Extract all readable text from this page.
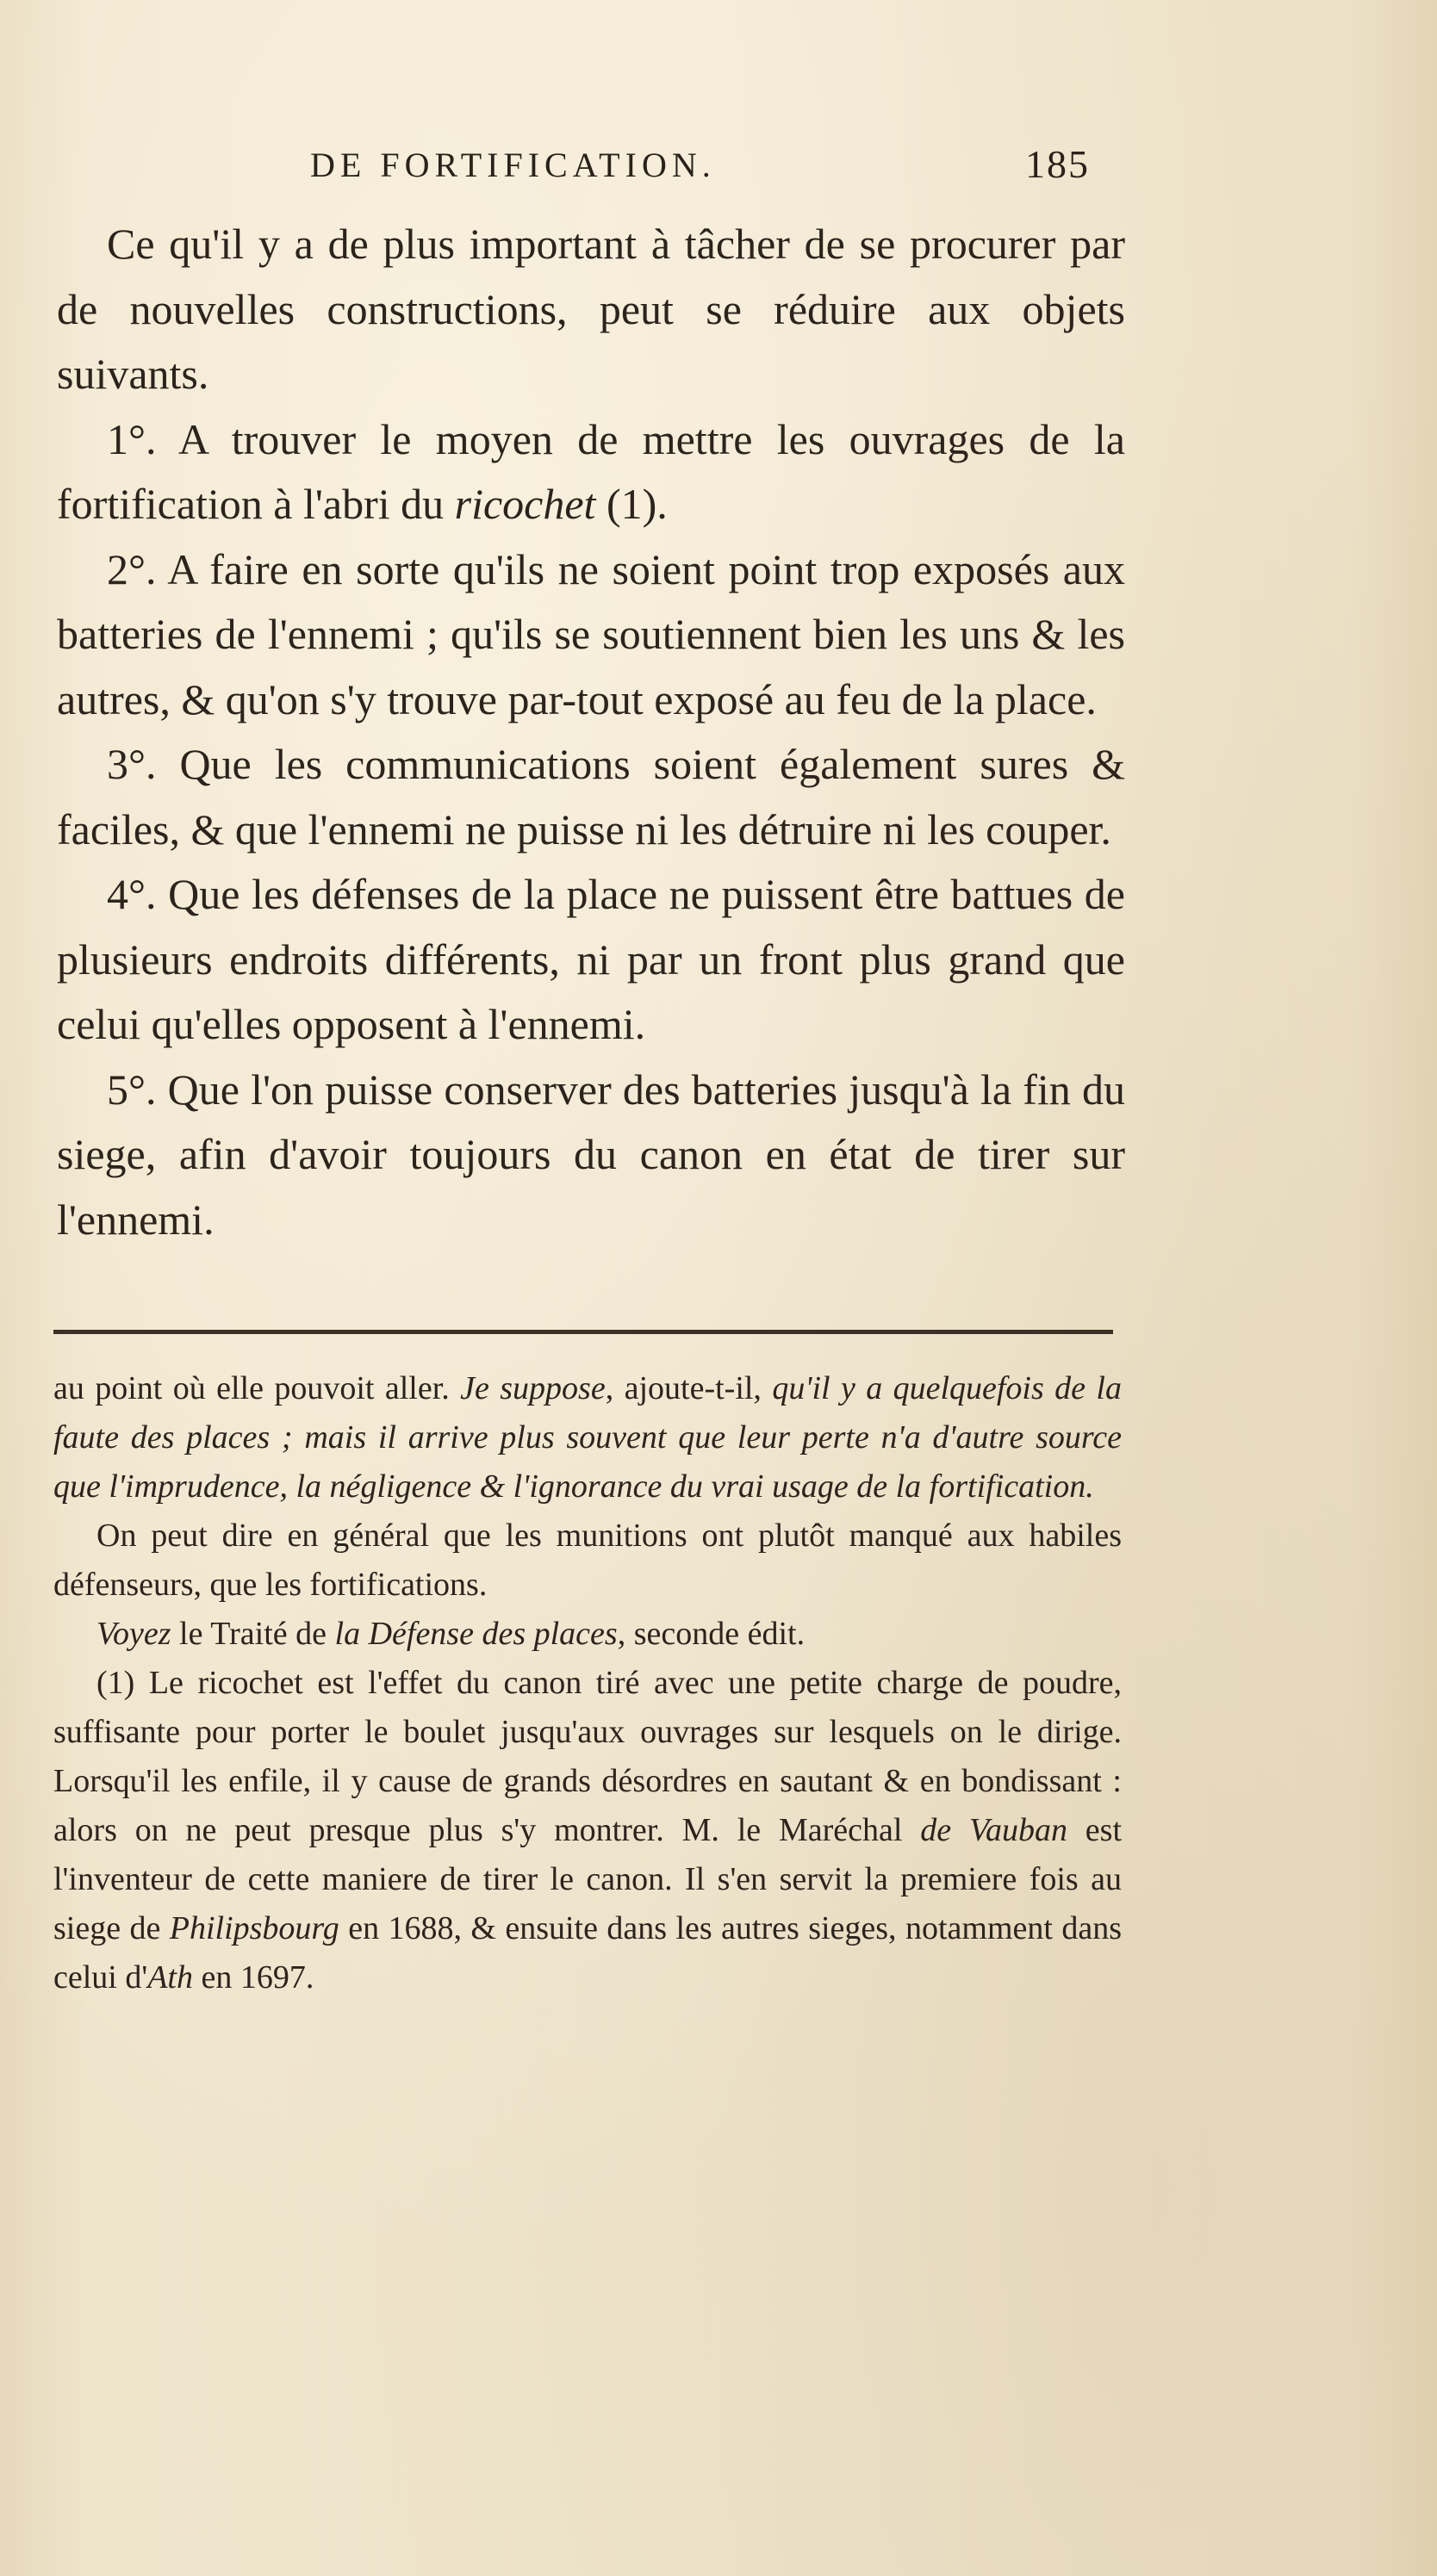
DE FORTIFICATION.	185

Ce qu'il y a de plus important à tâcher de se procurer par de nouvelles constructions, peut se réduire aux objets suivants.

1°. A trouver le moyen de mettre les ouvrages de la fortification à l'abri du ricochet (1).

2°. A faire en sorte qu'ils ne soient point trop exposés aux batteries de l'ennemi ; qu'ils se soutiennent bien les uns & les autres, & qu'on s'y trouve par-tout exposé au feu de la place.

3°. Que les communications soient également sures & faciles, & que l'ennemi ne puisse ni les détruire ni les couper.

4°. Que les défenses de la place ne puissent être battues de plusieurs endroits différents, ni par un front plus grand que celui qu'elles opposent à l'ennemi.

5°. Que l'on puisse conserver des batteries jusqu'à la fin du siege, afin d'avoir toujours du canon en état de tirer sur l'ennemi.

au point où elle pouvoit aller. Je suppose, ajoute-t-il, qu'il y a quelquefois de la faute des places ; mais il arrive plus souvent que leur perte n'a d'autre source que l'imprudence, la négligence & l'ignorance du vrai usage de la fortification.

On peut dire en général que les munitions ont plutôt manqué aux habiles défenseurs, que les fortifications.

Voyez le Traité de la Défense des places, seconde édit.

(1) Le ricochet est l'effet du canon tiré avec une petite charge de poudre, suffisante pour porter le boulet jusqu'aux ouvrages sur lesquels on le dirige. Lorsqu'il les enfile, il y cause de grands désordres en sautant & en bondissant : alors on ne peut presque plus s'y montrer. M. le Maréchal de Vauban est l'inventeur de cette maniere de tirer le canon. Il s'en servit la premiere fois au siege de Philipsbourg en 1688, & ensuite dans les autres sieges, notamment dans celui d'Ath en 1697.
